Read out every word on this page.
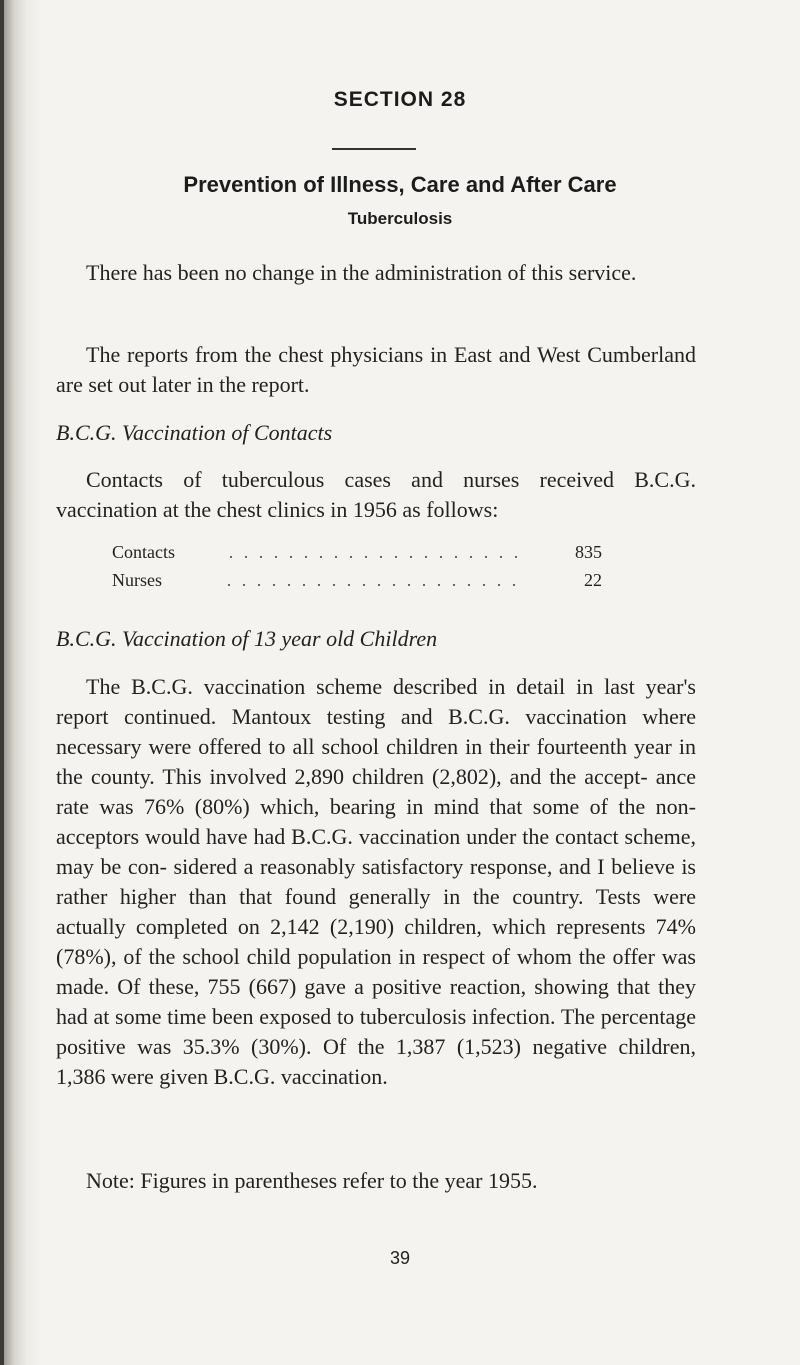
SECTION 28
Prevention of Illness, Care and After Care
Tuberculosis

There has been no change in the administration of this service.

The reports from the chest physicians in East and West Cumberland are set out later in the report.

B.C.G. Vaccination of Contacts

Contacts of tuberculous cases and nurses received B.C.G. vaccination at the chest clinics in 1956 as follows:

Contacts	. . . . . . . . . . . . . . . . . . . .	835
Nurses	. . . . . . . . . . . . . . . . . . . .	22
B.C.G. Vaccination of 13 year old Children

The B.C.G. vaccination scheme described in detail in last year's report continued. Mantoux testing and B.C.G. vaccination where necessary were offered to all school children in their fourteenth year in the county. This involved 2,890 children (2,802), and the accept- ance rate was 76% (80%) which, bearing in mind that some of the non-acceptors would have had B.C.G. vaccination under the contact scheme, may be con- sidered a reasonably satisfactory response, and I believe is rather higher than that found generally in the country. Tests were actually completed on 2,142 (2,190) children, which represents 74% (78%), of the school child population in respect of whom the offer was made. Of these, 755 (667) gave a positive reaction, showing that they had at some time been exposed to tuberculosis infection. The percentage positive was 35.3% (30%). Of the 1,387 (1,523) negative children, 1,386 were given B.C.G. vaccination.

Note: Figures in parentheses refer to the year 1955.

39
